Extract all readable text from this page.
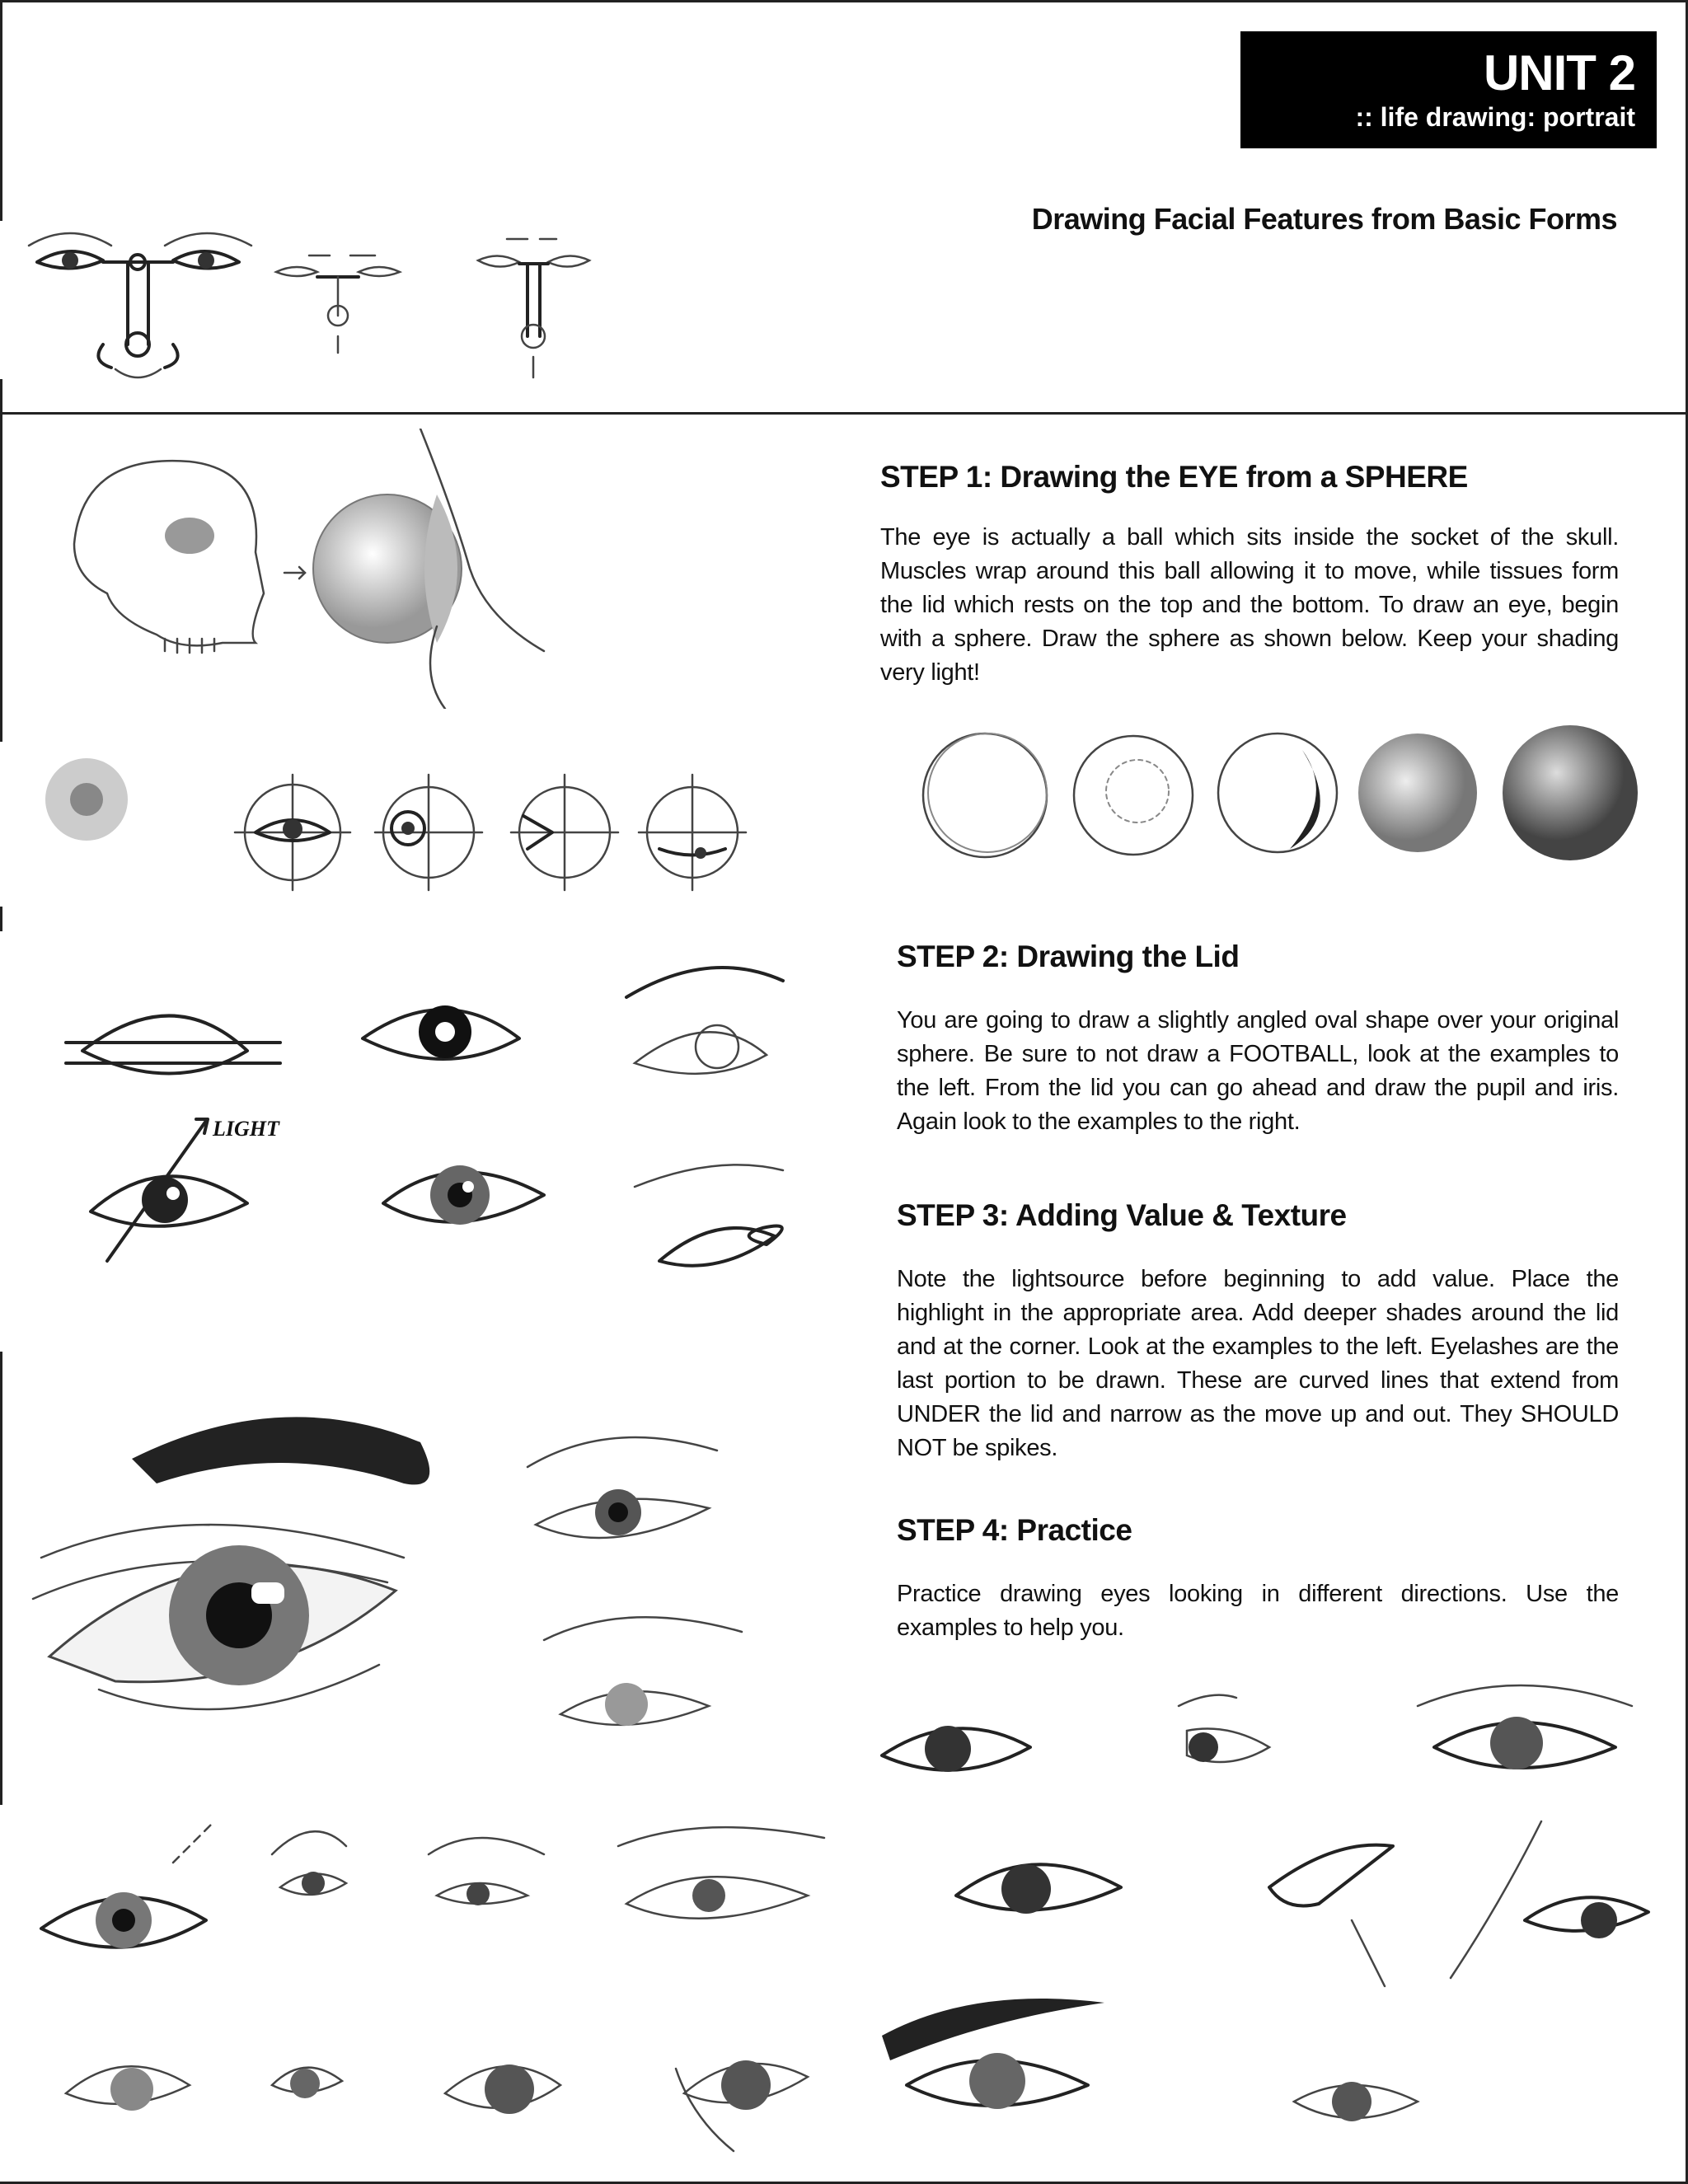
UNIT 2
:: life drawing: portrait
Drawing Facial Features from Basic Forms
STEP 1: Drawing the EYE from a SPHERE
The eye is actually a ball which sits inside the socket of the skull. Muscles wrap around this ball allowing it to move, while tissues form the lid which rests on the top and the bottom. To draw an eye, begin with a sphere. Draw the sphere as shown below. Keep your shading very light!
LIGHT
STEP 2: Drawing the Lid
You are going to draw a slightly angled oval shape over your original sphere. Be sure to not draw a FOOTBALL, look at the examples to the left. From the lid you can go ahead and draw the pupil and iris. Again look to the examples to the right.
STEP 3: Adding Value & Texture
Note the lightsource before beginning to add value. Place the highlight in the appropriate area. Add deeper shades around the lid and at the corner. Look at the examples to the left. Eyelashes are the last portion to be drawn. These are curved lines that extend from UNDER the lid and narrow as the move up and out. They SHOULD NOT be spikes.
STEP 4: Practice
Practice drawing eyes looking in different directions. Use the examples to help you.
